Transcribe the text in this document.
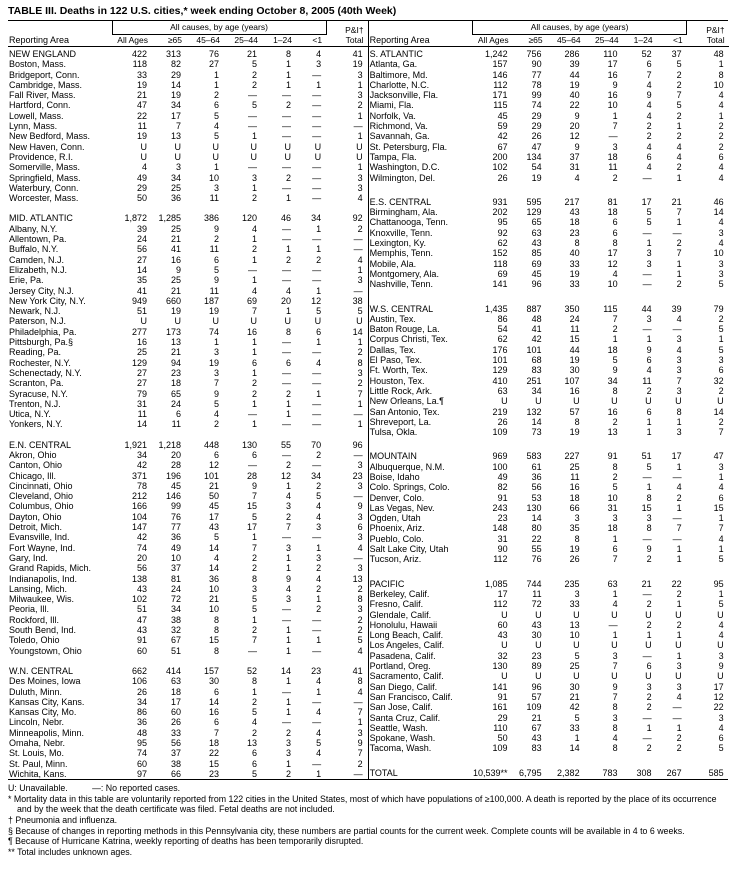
TABLE III. Deaths in 122 U.S. cities,* week ending October 8, 2005 (40th Week)
Reporting Area	All causes, by age (years)						P&I† Total
	All Ages	≥65	45–64	25–44	1–24	<1	
NEW ENGLAND	422	313	76	21	8	4	41
Boston, Mass.	118	82	27	5	1	3	19
Bridgeport, Conn.	33	29	1	2	1	—	3
Cambridge, Mass.	19	14	1	2	1	1	1
Fall River, Mass.	21	19	2	—	—	—	3
Hartford, Conn.	47	34	6	5	2	—	2
Lowell, Mass.	22	17	5	—	—	—	1
Lynn, Mass.	11	7	4	—	—	—	—
New Bedford, Mass.	19	13	5	1	—	—	1
New Haven, Conn.	U	U	U	U	U	U	U
Providence, R.I.	U	U	U	U	U	U	U
Somerville, Mass.	4	3	1	—	—	—	1
Springfield, Mass.	49	34	10	3	2	—	3
Waterbury, Conn.	29	25	3	1	—	—	3
Worcester, Mass.	50	36	11	2	1	—	4

MID. ATLANTIC	1,872	1,285	386	120	46	34	92
Albany, N.Y.	39	25	9	4	—	1	2
Allentown, Pa.	24	21	2	1	—	—	—
Buffalo, N.Y.	56	41	11	2	1	1	—
Camden, N.J.	27	16	6	1	2	2	4
Elizabeth, N.J.	14	9	5	—	—	—	1
Erie, Pa.	35	25	9	1	—	—	3
Jersey City, N.J.	41	21	11	4	4	1	—
New York City, N.Y.	949	660	187	69	20	12	38
Newark, N.J.	51	19	19	7	1	5	5
Paterson, N.J.	U	U	U	U	U	U	U
Philadelphia, Pa.	277	173	74	16	8	6	14
Pittsburgh, Pa.§	16	13	1	1	—	1	1
Reading, Pa.	25	21	3	1	—	—	2
Rochester, N.Y.	129	94	19	6	6	4	8
Schenectady, N.Y.	27	23	3	1	—	—	3
Scranton, Pa.	27	18	7	2	—	—	2
Syracuse, N.Y.	79	65	9	2	2	1	7
Trenton, N.J.	31	24	5	1	1	—	1
Utica, N.Y.	11	6	4	—	1	—	—
Yonkers, N.Y.	14	11	2	1	—	—	1

E.N. CENTRAL	1,921	1,218	448	130	55	70	96
Akron, Ohio	34	20	6	6	—	2	—
Canton, Ohio	42	28	12	—	2	—	3
Chicago, Ill.	371	196	101	28	12	34	23
Cincinnati, Ohio	78	45	21	9	1	2	3
Cleveland, Ohio	212	146	50	7	4	5	—
Columbus, Ohio	166	99	45	15	3	4	9
Dayton, Ohio	104	76	17	5	2	4	3
Detroit, Mich.	147	77	43	17	7	3	6
Evansville, Ind.	42	36	5	1	—	—	3
Fort Wayne, Ind.	74	49	14	7	3	1	4
Gary, Ind.	20	10	4	2	1	3	—
Grand Rapids, Mich.	56	37	14	2	1	2	3
Indianapolis, Ind.	138	81	36	8	9	4	13
Lansing, Mich.	43	24	10	3	4	2	2
Milwaukee, Wis.	102	72	21	5	3	1	8
Peoria, Ill.	51	34	10	5	—	2	3
Rockford, Ill.	47	38	8	1	—	—	2
South Bend, Ind.	43	32	8	2	1	—	2
Toledo, Ohio	91	67	15	7	1	1	5
Youngstown, Ohio	60	51	8	—	1	—	4

W.N. CENTRAL	662	414	157	52	14	23	41
Des Moines, Iowa	106	63	30	8	1	4	8
Duluth, Minn.	26	18	6	1	—	1	4
Kansas City, Kans.	34	17	14	2	1	—	—
Kansas City, Mo.	86	60	16	5	1	4	7
Lincoln, Nebr.	36	26	6	4	—	—	1
Minneapolis, Minn.	48	33	7	2	2	4	3
Omaha, Nebr.	95	56	18	13	3	5	9
St. Louis, Mo.	74	37	22	6	3	4	7
St. Paul, Minn.	60	38	15	6	1	—	2
Wichita, Kans.	97	66	23	5	2	1	—
Reporting Area	All causes, by age (years)						P&I† Total
	All Ages	≥65	45–64	25–44	1–24	<1	
S. ATLANTIC	1,242	756	286	110	52	37	48
Atlanta, Ga.	157	90	39	17	6	5	1
Baltimore, Md.	146	77	44	16	7	2	8
Charlotte, N.C.	112	78	19	9	4	2	10
Jacksonville, Fla.	171	99	40	16	9	7	4
Miami, Fla.	115	74	22	10	4	5	4
Norfolk, Va.	45	29	9	1	4	2	1
Richmond, Va.	59	29	20	7	2	1	2
Savannah, Ga.	42	26	12	—	2	2	2
St. Petersburg, Fla.	67	47	9	3	4	4	2
Tampa, Fla.	200	134	37	18	6	4	6
Washington, D.C.	102	54	31	11	4	2	4
Wilmington, Del.	26	19	4	2	—	1	4

E.S. CENTRAL	931	595	217	81	17	21	46
Birmingham, Ala.	202	129	43	18	5	7	14
Chattanooga, Tenn.	95	65	18	6	5	1	4
Knoxville, Tenn.	92	63	23	6	—	—	3
Lexington, Ky.	62	43	8	8	1	2	4
Memphis, Tenn.	152	85	40	17	3	7	10
Mobile, Ala.	118	69	33	12	3	1	3
Montgomery, Ala.	69	45	19	4	—	1	3
Nashville, Tenn.	141	96	33	10	—	2	5

W.S. CENTRAL	1,435	887	350	115	44	39	79
Austin, Tex.	86	48	24	7	3	4	2
Baton Rouge, La.	54	41	11	2	—	—	5
Corpus Christi, Tex.	62	42	15	1	1	3	1
Dallas, Tex.	176	101	44	18	9	4	5
El Paso, Tex.	101	68	19	5	6	3	3
Ft. Worth, Tex.	129	83	30	9	4	3	6
Houston, Tex.	410	251	107	34	11	7	32
Little Rock, Ark.	63	34	16	8	2	3	2
New Orleans, La.¶	U	U	U	U	U	U	U
San Antonio, Tex.	219	132	57	16	6	8	14
Shreveport, La.	26	14	8	2	1	1	2
Tulsa, Okla.	109	73	19	13	1	3	7

MOUNTAIN	969	583	227	91	51	17	47
Albuquerque, N.M.	100	61	25	8	5	1	3
Boise, Idaho	49	36	11	2	—	—	1
Colo. Springs, Colo.	82	56	16	5	1	4	4
Denver, Colo.	91	53	18	10	8	2	6
Las Vegas, Nev.	243	130	66	31	15	1	15
Ogden, Utah	23	14	3	3	3	—	1
Phoenix, Ariz.	148	80	35	18	8	7	7
Pueblo, Colo.	31	22	8	1	—	—	4
Salt Lake City, Utah	90	55	19	6	9	1	1
Tucson, Ariz.	112	76	26	7	2	1	5

PACIFIC	1,085	744	235	63	21	22	95
Berkeley, Calif.	17	11	3	1	—	2	1
Fresno, Calif.	112	72	33	4	2	1	5
Glendale, Calif.	U	U	U	U	U	U	U
Honolulu, Hawaii	60	43	13	—	2	2	4
Long Beach, Calif.	43	30	10	1	1	1	4
Los Angeles, Calif.	U	U	U	U	U	U	U
Pasadena, Calif.	32	23	5	3	—	1	3
Portland, Oreg.	130	89	25	7	6	3	9
Sacramento, Calif.	U	U	U	U	U	U	U
San Diego, Calif.	141	96	30	9	3	3	17
San Francisco, Calif.	91	57	21	7	2	4	12
San Jose, Calif.	161	109	42	8	2	—	22
Santa Cruz, Calif.	29	21	5	3	—	—	3
Seattle, Wash.	110	67	33	8	1	1	4
Spokane, Wash.	50	43	1	4	—	2	6
Tacoma, Wash.	109	83	14	8	2	2	5

TOTAL	10,539**	6,795	2,382	783	308	267	585
U: Unavailable.          —: No reported cases.
* Mortality data in this table are voluntarily reported from 122 cities in the United States, most of which have populations of ≥100,000. A death is reported by the place of its occurrence and by the week that the death certificate was filed. Fetal deaths are not included.
† Pneumonia and influenza.
§ Because of changes in reporting methods in this Pennsylvania city, these numbers are partial counts for the current week. Complete counts will be available in 4 to 6 weeks.
¶ Because of Hurricane Katrina, weekly reporting of deaths has been temporarily disrupted.
** Total includes unknown ages.
